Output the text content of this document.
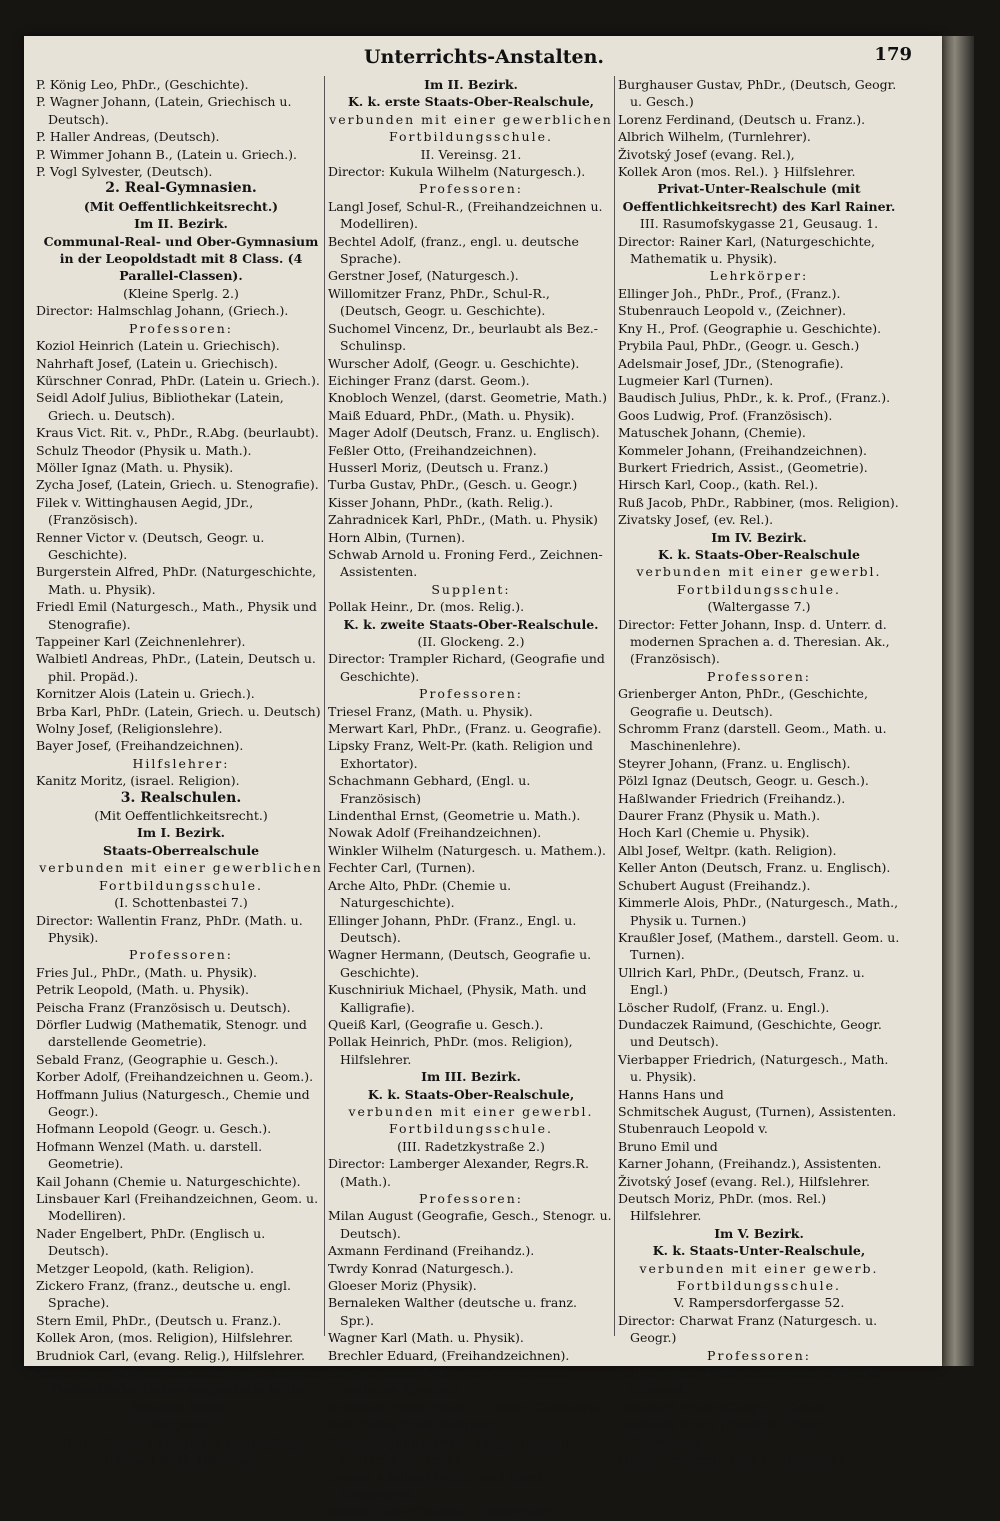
Unterrichts-Anstalten.	179
P. König Leo, PhDr., (Geschichte).
P. Wagner Johann, (Latein, Griechisch u. Deutsch).
P. Haller Andreas, (Deutsch).
P. Wimmer Johann B., (Latein u. Griech.).
P. Vogl Sylvester, (Deutsch).
2. Real-Gymnasien.
(Mit Oeffentlichkeitsrecht.)
Im II. Bezirk.
Communal-Real- und Ober-Gymnasium in der Leopoldstadt mit 8 Class. (4 Parallel-Classen).
(Kleine Sperlg. 2.)
Director: Halmschlag Johann, (Griech.).
Professoren:
Koziol Heinrich (Latein u. Griechisch).
Nahrhaft Josef, (Latein u. Griechisch).
Kürschner Conrad, PhDr. (Latein u. Griech.).
Seidl Adolf Julius, Bibliothekar (Latein, Griech. u. Deutsch).
Kraus Vict. Rit. v., PhDr., R.Abg. (beurlaubt).
Schulz Theodor (Physik u. Math.).
Möller Ignaz (Math. u. Physik).
Zycha Josef, (Latein, Griech. u. Stenografie).
Filek v. Wittinghausen Aegid, JDr., (Französisch).
Renner Victor v. (Deutsch, Geogr. u. Geschichte).
Burgerstein Alfred, PhDr. (Naturgeschichte, Math. u. Physik).
Friedl Emil (Naturgesch., Math., Physik und Stenografie).
Tappeiner Karl (Zeichnenlehrer).
Walbietl Andreas, PhDr., (Latein, Deutsch u. phil. Propäd.).
Kornitzer Alois (Latein u. Griech.).
Brba Karl, PhDr. (Latein, Griech. u. Deutsch)
Wolny Josef, (Religionslehre).
Bayer Josef, (Freihandzeichnen).
Hilfslehrer:
Kanitz Moritz, (israel. Religion).
3. Realschulen.
(Mit Oeffentlichkeitsrecht.)
Im I. Bezirk.
Staats-Oberrealschule
verbunden mit einer gewerblichen Fortbildungsschule.
(I. Schottenbastei 7.)
Director: Wallentin Franz, PhDr. (Math. u. Physik).
Professoren:
Fries Jul., PhDr., (Math. u. Physik).
Petrik Leopold, (Math. u. Physik).
Peischa Franz (Französisch u. Deutsch).
Dörfler Ludwig (Mathematik, Stenogr. und darstellende Geometrie).
Sebald Franz, (Geographie u. Gesch.).
Korber Adolf, (Freihandzeichnen u. Geom.).
Hoffmann Julius (Naturgesch., Chemie und Geogr.).
Hofmann Leopold (Geogr. u. Gesch.).
Hofmann Wenzel (Math. u. darstell. Geometrie).
Kail Johann (Chemie u. Naturgeschichte).
Linsbauer Karl (Freihandzeichnen, Geom. u. Modelliren).
Nader Engelbert, PhDr. (Englisch u. Deutsch).
Metzger Leopold, (kath. Religion).
Zickero Franz, (franz., deutsche u. engl. Sprache).
Stern Emil, PhDr., (Deutsch u. Franz.).
Kollek Aron, (mos. Religion), Hilfslehrer.
Brudniok Carl, (evang. Relig.), Hilfslehrer.
Pawel Jaro, (Turnen u. Deutsch), Hilfslehrer.
Oeffentliche Unter-Realschule in der inneren Stadt.
I. Ballgasse 6.
(I.–IV. Classe.) Zeugnisse staatsgiltig.
Eduard Döll, Director.
Im II. Bezirk.
K. k. erste Staats-Ober-Realschule,
verbunden mit einer gewerblichen Fortbildungsschule.
II. Vereinsg. 21.
Director: Kukula Wilhelm (Naturgesch.).
Professoren:
Langl Josef, Schul-R., (Freihandzeichnen u. Modelliren).
Bechtel Adolf, (franz., engl. u. deutsche Sprache).
Gerstner Josef, (Naturgesch.).
Willomitzer Franz, PhDr., Schul-R., (Deutsch, Geogr. u. Geschichte).
Suchomel Vincenz, Dr., beurlaubt als Bez.-Schulinsp.
Wurscher Adolf, (Geogr. u. Geschichte).
Eichinger Franz (darst. Geom.).
Knobloch Wenzel, (darst. Geometrie, Math.)
Maiß Eduard, PhDr., (Math. u. Physik).
Mager Adolf (Deutsch, Franz. u. Englisch).
Feßler Otto, (Freihandzeichnen).
Husserl Moriz, (Deutsch u. Franz.)
Turba Gustav, PhDr., (Gesch. u. Geogr.)
Kisser Johann, PhDr., (kath. Relig.).
Zahradnicek Karl, PhDr., (Math. u. Physik)
Horn Albin, (Turnen).
Schwab Arnold u. Froning Ferd., Zeichnen-Assistenten.
Supplent:
Pollak Heinr., Dr. (mos. Relig.).
K. k. zweite Staats-Ober-Realschule.
(II. Glockeng. 2.)
Director: Trampler Richard, (Geografie und Geschichte).
Professoren:
Triesel Franz, (Math. u. Physik).
Merwart Karl, PhDr., (Franz. u. Geografie).
Lipsky Franz, Welt-Pr. (kath. Religion und Exhortator).
Schachmann Gebhard, (Engl. u. Französisch)
Lindenthal Ernst, (Geometrie u. Math.).
Nowak Adolf (Freihandzeichnen).
Winkler Wilhelm (Naturgesch. u. Mathem.).
Fechter Carl, (Turnen).
Arche Alto, PhDr. (Chemie u. Naturgeschichte).
Ellinger Johann, PhDr. (Franz., Engl. u. Deutsch).
Wagner Hermann, (Deutsch, Geografie u. Geschichte).
Kuschniriuk Michael, (Physik, Math. und Kalligrafie).
Queiß Karl, (Geografie u. Gesch.).
Pollak Heinrich, PhDr. (mos. Religion), Hilfslehrer.
Im III. Bezirk.
K. k. Staats-Ober-Realschule,
verbunden mit einer gewerbl. Fortbildungsschule.
(III. Radetzkystraße 2.)
Director: Lamberger Alexander, Regrs.R. (Math.).
Professoren:
Milan August (Geografie, Gesch., Stenogr. u. Deutsch).
Axmann Ferdinand (Freihandz.).
Twrdy Konrad (Naturgesch.).
Gloeser Moriz (Physik).
Bernaleken Walther (deutsche u. franz. Spr.).
Wagner Karl (Math. u. Physik).
Brechler Eduard, (Freihandzeichnen).
Bürzner Alois, PhDr., (engl., franz. u. deutsche Sprache).
Schiffner Franz (Math. u. darst. Geometrie).
Ruß Anton (kath. Religion).
Baudisch Julius, PhDr., (engl., franz. u. deutsche Sprache).
Breuer Adalbert (Math. und darst. Geometrie).
Huber Hans (Chemie u. Naturgesch.)
Burghauser Gustav, PhDr., (Deutsch, Geogr. u. Gesch.)
Lorenz Ferdinand, (Deutsch u. Franz.).
Albrich Wilhelm, (Turnlehrer).
Životský Josef (evang. Rel.),
Kollek Aron (mos. Rel.). } Hilfslehrer.
Privat-Unter-Realschule (mit Oeffentlichkeitsrecht) des Karl Rainer.
III. Rasumofskygasse 21, Geusaug. 1.
Director: Rainer Karl, (Naturgeschichte, Mathematik u. Physik).
Lehrkörper:
Ellinger Joh., PhDr., Prof., (Franz.).
Stubenrauch Leopold v., (Zeichner).
Kny H., Prof. (Geographie u. Geschichte).
Prybila Paul, PhDr., (Geogr. u. Gesch.)
Adelsmair Josef, JDr., (Stenografie).
Lugmeier Karl (Turnen).
Baudisch Julius, PhDr., k. k. Prof., (Franz.).
Goos Ludwig, Prof. (Französisch).
Matuschek Johann, (Chemie).
Kommeler Johann, (Freihandzeichnen).
Burkert Friedrich, Assist., (Geometrie).
Hirsch Karl, Coop., (kath. Rel.).
Ruß Jacob, PhDr., Rabbiner, (mos. Religion).
Zivatsky Josef, (ev. Rel.).
Im IV. Bezirk.
K. k. Staats-Ober-Realschule
verbunden mit einer gewerbl. Fortbildungsschule.
(Waltergasse 7.)
Director: Fetter Johann, Insp. d. Unterr. d. modernen Sprachen a. d. Theresian. Ak., (Französisch).
Professoren:
Grienberger Anton, PhDr., (Geschichte, Geografie u. Deutsch).
Schromm Franz (darstell. Geom., Math. u. Maschinenlehre).
Steyrer Johann, (Franz. u. Englisch).
Pölzl Ignaz (Deutsch, Geogr. u. Gesch.).
Haßlwander Friedrich (Freihandz.).
Daurer Franz (Physik u. Math.).
Hoch Karl (Chemie u. Physik).
Albl Josef, Weltpr. (kath. Religion).
Keller Anton (Deutsch, Franz. u. Englisch).
Schubert August (Freihandz.).
Kimmerle Alois, PhDr., (Naturgesch., Math., Physik u. Turnen.)
Kraußler Josef, (Mathem., darstell. Geom. u. Turnen).
Ullrich Karl, PhDr., (Deutsch, Franz. u. Engl.)
Löscher Rudolf, (Franz. u. Engl.).
Dundaczek Raimund, (Geschichte, Geogr. und Deutsch).
Vierbapper Friedrich, (Naturgesch., Math. u. Physik).
Hanns Hans und
Schmitschek August, (Turnen), Assistenten.
Stubenrauch Leopold v.
Bruno Emil und
Karner Johann, (Freihandz.), Assistenten.
Životský Josef (evang. Rel.), Hilfslehrer.
Deutsch Moriz, PhDr. (mos. Rel.) Hilfslehrer.
Im V. Bezirk.
K. k. Staats-Unter-Realschule,
verbunden mit einer gewerb. Fortbildungsschule.
V. Rampersdorfergasse 52.
Director: Charwat Franz (Naturgesch. u. Geogr.)
Professoren:
Fellner Alois, PhDr. (Naturgesch., Physik, Chemie).
Schubert Franz (Geogr. u. Gesch.)
Swoboda Franz (Deutsch, Franz. u. Schreiben).
Heger Friedrich, Welt-Pr. (Religion).
